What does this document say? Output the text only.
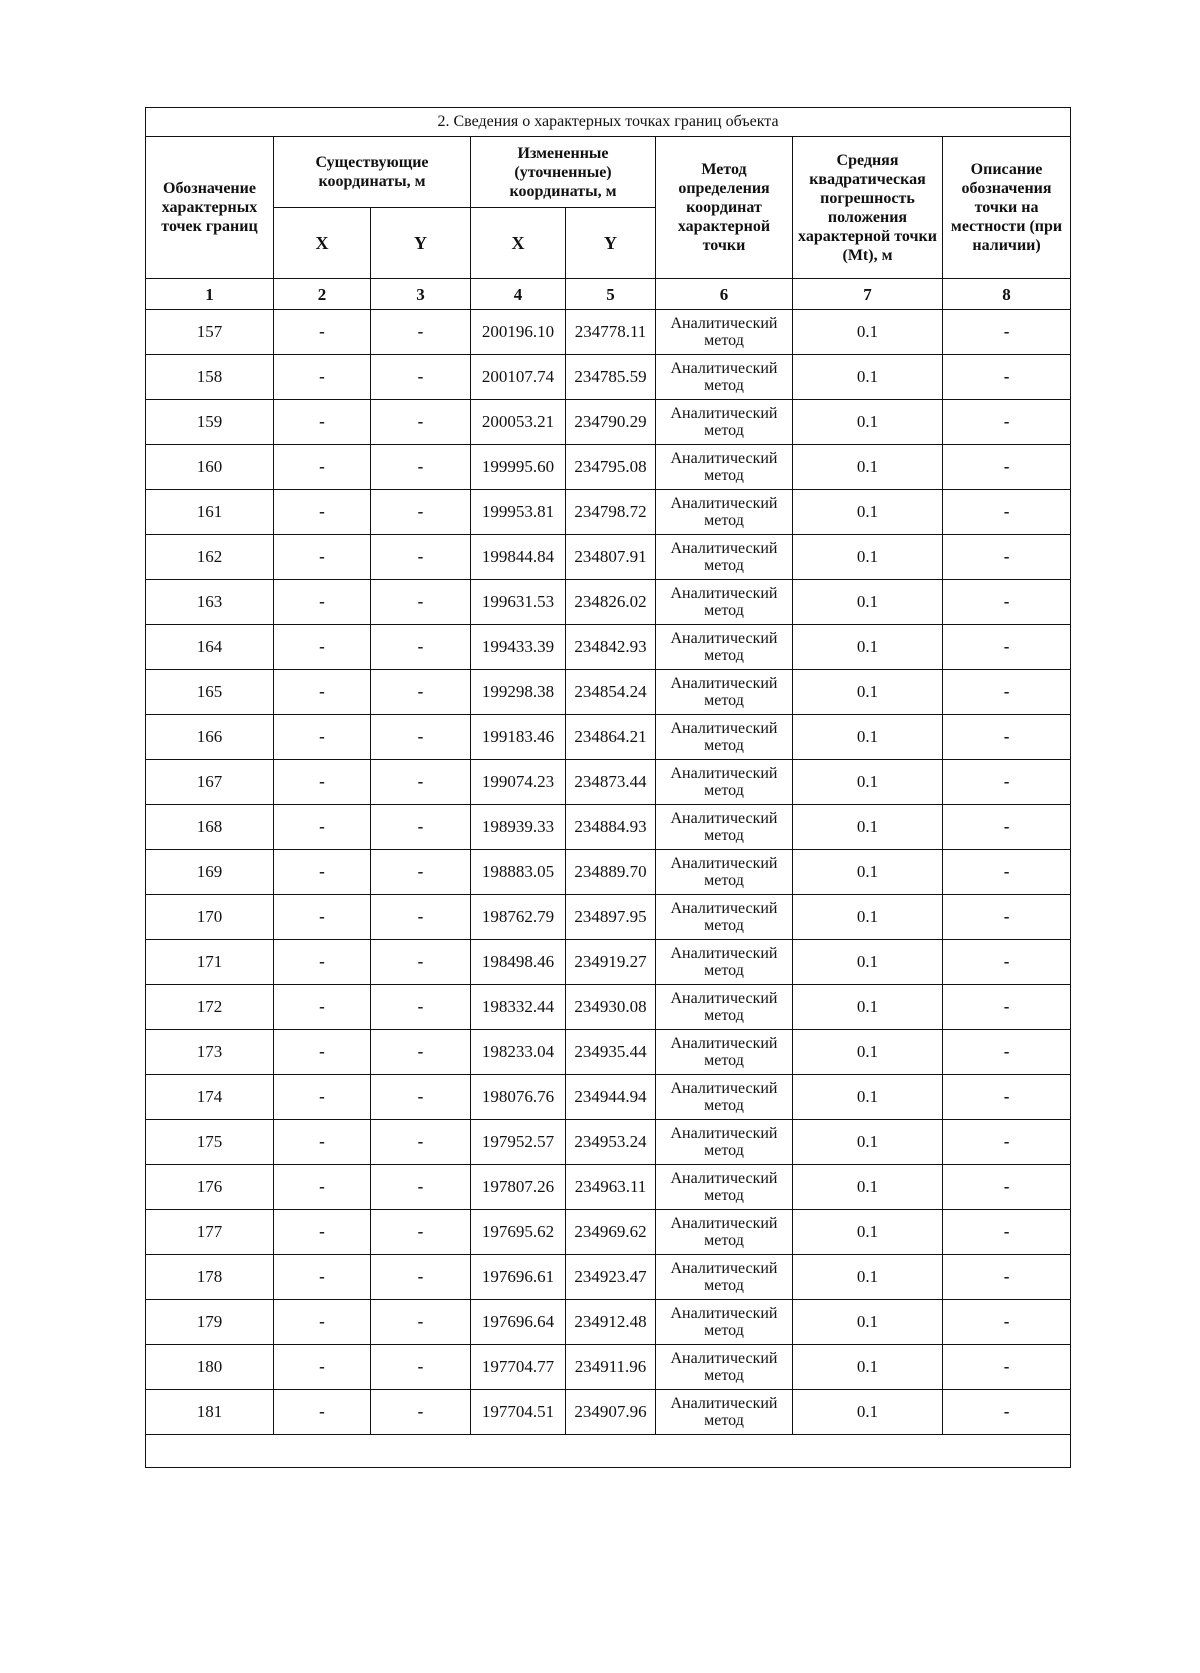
2. Сведения о характерных точках границ объекта							
Обозначение характерных точек границ	Существующие координаты, м		Измененные (уточненные) координаты, м		Метод определения координат характерной точки	Средняя квадратическая погрешность положения характерной точки (Mt), м	Описание обозначения точки на местности (при наличии)
	X	Y	X	Y			
1	2	3	4	5	6	7	8
157	-	-	200196.10	234778.11	Аналитический метод	0.1	-
158	-	-	200107.74	234785.59	Аналитический метод	0.1	-
159	-	-	200053.21	234790.29	Аналитический метод	0.1	-
160	-	-	199995.60	234795.08	Аналитический метод	0.1	-
161	-	-	199953.81	234798.72	Аналитический метод	0.1	-
162	-	-	199844.84	234807.91	Аналитический метод	0.1	-
163	-	-	199631.53	234826.02	Аналитический метод	0.1	-
164	-	-	199433.39	234842.93	Аналитический метод	0.1	-
165	-	-	199298.38	234854.24	Аналитический метод	0.1	-
166	-	-	199183.46	234864.21	Аналитический метод	0.1	-
167	-	-	199074.23	234873.44	Аналитический метод	0.1	-
168	-	-	198939.33	234884.93	Аналитический метод	0.1	-
169	-	-	198883.05	234889.70	Аналитический метод	0.1	-
170	-	-	198762.79	234897.95	Аналитический метод	0.1	-
171	-	-	198498.46	234919.27	Аналитический метод	0.1	-
172	-	-	198332.44	234930.08	Аналитический метод	0.1	-
173	-	-	198233.04	234935.44	Аналитический метод	0.1	-
174	-	-	198076.76	234944.94	Аналитический метод	0.1	-
175	-	-	197952.57	234953.24	Аналитический метод	0.1	-
176	-	-	197807.26	234963.11	Аналитический метод	0.1	-
177	-	-	197695.62	234969.62	Аналитический метод	0.1	-
178	-	-	197696.61	234923.47	Аналитический метод	0.1	-
179	-	-	197696.64	234912.48	Аналитический метод	0.1	-
180	-	-	197704.77	234911.96	Аналитический метод	0.1	-
181	-	-	197704.51	234907.96	Аналитический метод	0.1	-
